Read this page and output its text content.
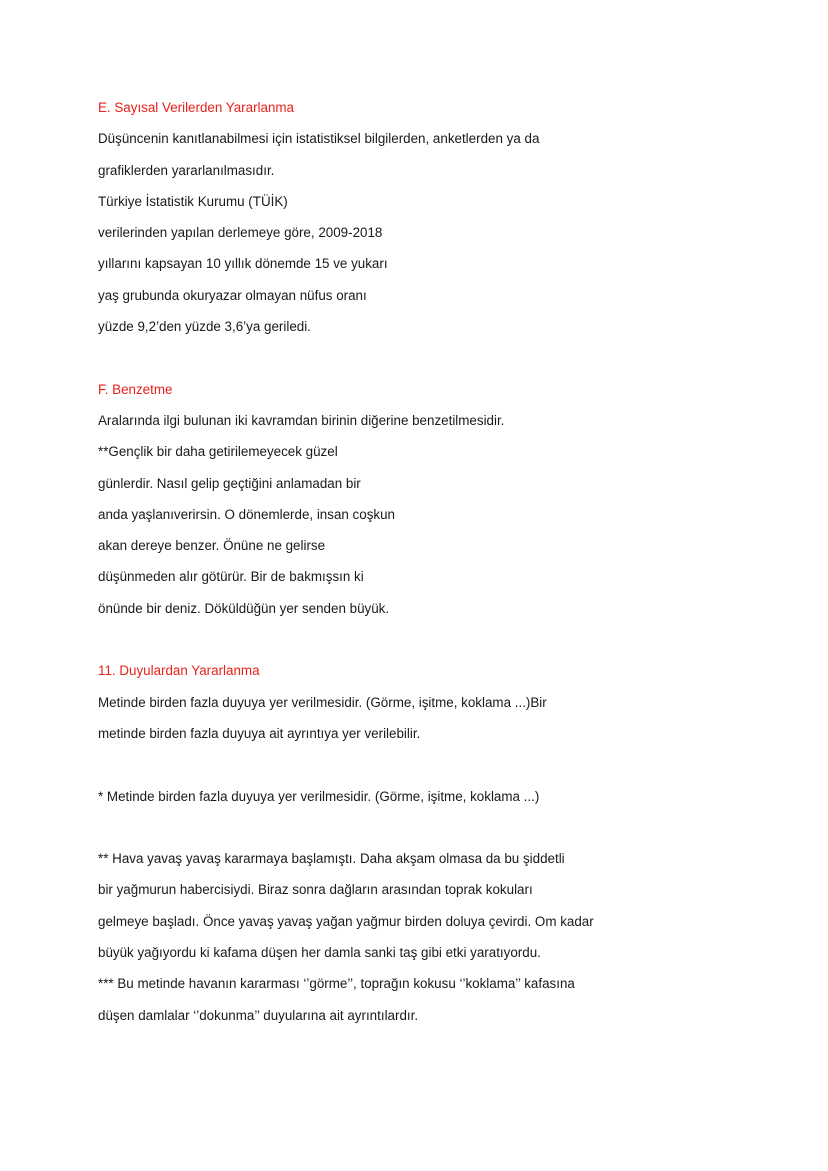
E. Sayısal Verilerden Yararlanma
Düşüncenin kanıtlanabilmesi için istatistiksel bilgilerden, anketlerden ya da
grafiklerden yararlanılmasıdır.
Türkiye İstatistik Kurumu (TÜİK)
verilerinden yapılan derlemeye göre, 2009-2018
yıllarını kapsayan 10 yıllık dönemde 15 ve yukarı
yaş grubunda okuryazar olmayan nüfus oranı
yüzde 9,2’den yüzde 3,6’ya geriledi.
F. Benzetme
Aralarında ilgi bulunan iki kavramdan birinin diğerine benzetilmesidir.
**Gençlik bir daha getirilemeyecek güzel
günlerdir. Nasıl gelip geçtiğini anlamadan bir
anda yaşlanıverirsin. O dönemlerde, insan coşkun
akan dereye benzer. Önüne ne gelirse
düşünmeden alır götürür. Bir de bakmışsın ki
önünde bir deniz. Döküldüğün yer senden büyük.
11. Duyulardan Yararlanma
Metinde birden fazla duyuya yer verilmesidir. (Görme, işitme, koklama ...)Bir
metinde birden fazla duyuya ait ayrıntıya yer verilebilir.
* Metinde birden fazla duyuya yer verilmesidir. (Görme, işitme, koklama ...)
** Hava yavaş yavaş kararmaya başlamıştı. Daha akşam olmasa da bu şiddetli
bir yağmurun habercisiydi. Biraz sonra dağların arasından toprak kokuları
gelmeye başladı. Önce yavaş yavaş yağan yağmur birden doluya çevirdi. Om kadar
büyük yağıyordu ki kafama düşen her damla sanki taş gibi etki yaratıyordu.
*** Bu metinde havanın kararması ‘’görme’’, toprağın kokusu ‘’koklama’’ kafasına
düşen damlalar ‘’dokunma’’ duyularına ait ayrıntılardır.
